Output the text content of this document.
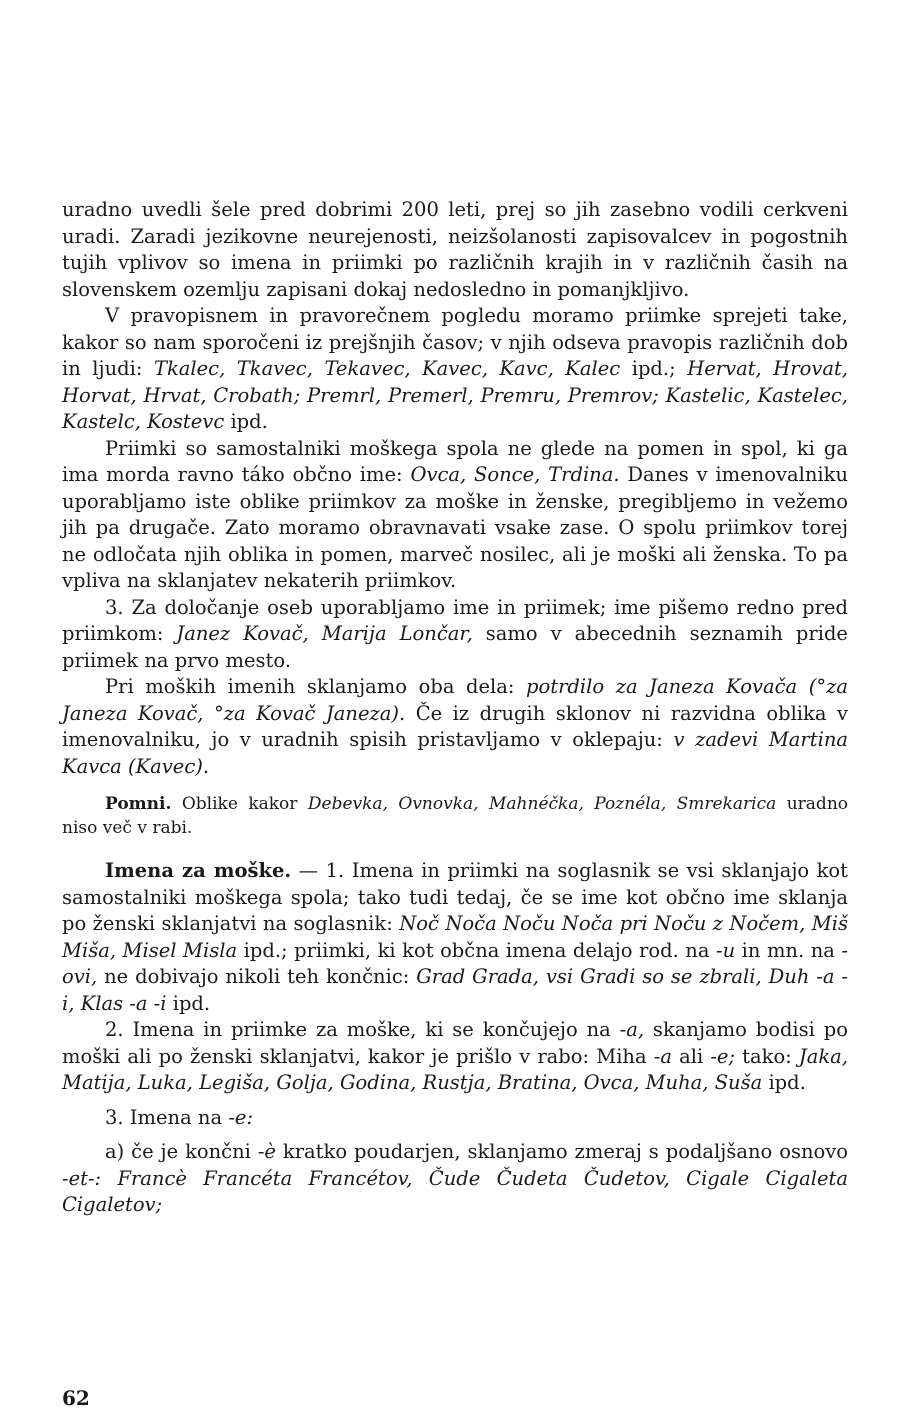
uradno uvedli šele pred dobrimi 200 leti, prej so jih zasebno vodili cerkveni uradi. Zaradi jezikovne neurejenosti, neizšolanosti zapisovalcev in pogostnih tujih vplivov so imena in priimki po različnih krajih in v različnih časih na slovenskem ozemlju zapisani dokaj nedosledno in pomanjkljivo.

V pravopisnem in pravorečnem pogledu moramo priimke sprejeti take, kakor so nam sporočeni iz prejšnjih časov; v njih odseva pravopis različnih dob in ljudi: Tkalec, Tkavec, Tekavec, Kavec, Kavc, Kalec ipd.; Hervat, Hrovat, Horvat, Hrvat, Crobath; Premrl, Premerl, Premru, Premrov; Kastelic, Kastelec, Kastelc, Kostevc ipd.

Priimki so samostalniki moškega spola ne glede na pomen in spol, ki ga ima morda ravno táko občno ime: Ovca, Sonce, Trdina. Danes v imenovalniku uporabljamo iste oblike priimkov za moške in ženske, pregibljemo in vežemo jih pa drugače. Zato moramo obravnavati vsake zase. O spolu priimkov torej ne odločata njih oblika in pomen, marveč nosilec, ali je moški ali ženska. To pa vpliva na sklanjatev nekaterih priimkov.

3. Za določanje oseb uporabljamo ime in priimek; ime pišemo redno pred priimkom: Janez Kovač, Marija Lončar, samo v abecednih seznamih pride priimek na prvo mesto.

Pri moških imenih sklanjamo oba dela: potrdilo za Janeza Kovača (°za Janeza Kovač, °za Kovač Janeza). Če iz drugih sklonov ni razvidna oblika v imenovalniku, jo v uradnih spisih pristavljamo v oklepaju: v zadevi Martina Kavca (Kavec).

Pomni. Oblike kakor Debevka, Ovnovka, Mahnéčka, Poznéla, Smrekarica uradno niso več v rabi.

Imena za moške. — 1. Imena in priimki na soglasnik se vsi sklanjajo kot samostalniki moškega spola; tako tudi tedaj, če se ime kot občno ime sklanja po ženski sklanjatvi na soglasnik: Noč Noča Noču Noča pri Noču z Nočem, Miš Miša, Misel Misla ipd.; priimki, ki kot občna imena delajo rod. na -u in mn. na -ovi, ne dobivajo nikoli teh končnic: Grad Grada, vsi Gradi so se zbrali, Duh -a -i, Klas -a -i ipd.

2. Imena in priimke za moške, ki se končujejo na -a, skanjamo bodisi po moški ali po ženski sklanjatvi, kakor je prišlo v rabo: Miha -a ali -e; tako: Jaka, Matija, Luka, Legiša, Golja, Godina, Rustja, Bratina, Ovca, Muha, Suša ipd.

3. Imena na -e:

a) če je končni -è kratko poudarjen, sklanjamo zmeraj s podaljšano osnovo -et-: Francè Francéta Francétov, Čude Čudeta Čudetov, Cigale Cigaleta Cigaletov;

62
